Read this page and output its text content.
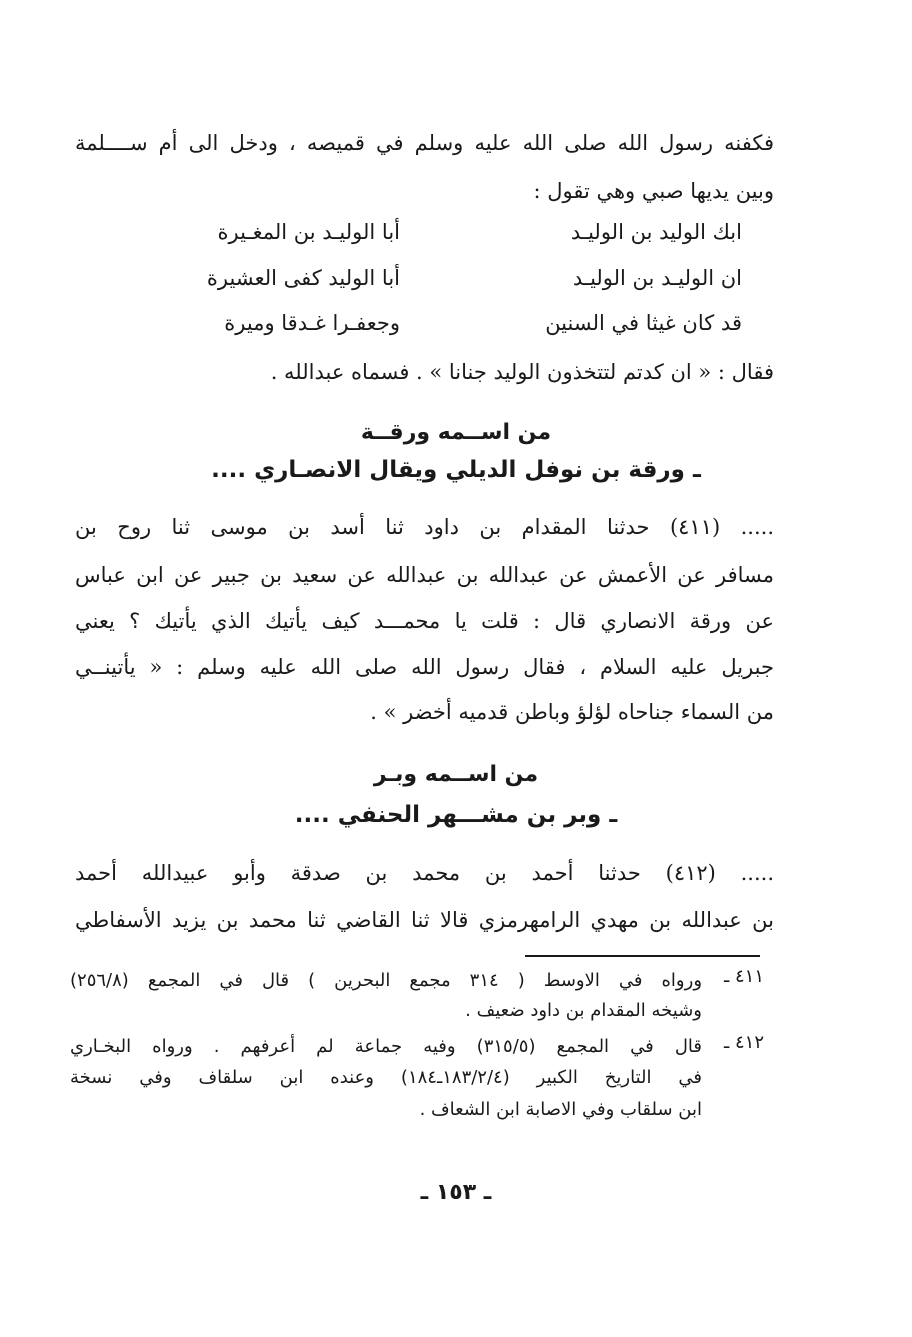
فكفنه رسول الله صلى الله عليه وسلم في قميصه ، ودخل الى أم ســــلمة
وبين يديها صبي وهي تقول :
ابك الوليد بن الوليـد
أبا الوليـد بن المغـيرة
ان الوليـد بن الوليـد
أبا الوليد كفى العشيرة
قد كان غيثا في السنين
وجعفـرا غـدقا وميرة
فقال : « ان كدتم لتتخذون الوليد جنانا » . فسماه عبدالله .
من اســمه ورقــة
ـ ورقة بن نوفل الديلي ويقال الانصـاري ....
..... (٤١١) حدثنا المقدام بن داود ثنا أسد بن موسى ثنا روح بن
مسافر عن الأعمش عن عبدالله بن عبدالله عن سعيد بن جبير عن ابن عباس
عن ورقة الانصاري قال : قلت يا محمـــد كيف يأتيك الذي يأتيك ؟ يعني
جبريل عليه السلام ، فقال رسول الله صلى الله عليه وسلم : « يأتينــي
من السماء جناحاه لؤلؤ وباطن قدميه أخضر » .
من اســمه وبـر
ـ وبر بن مشـــهر الحنفي ....
..... (٤١٢) حدثنا أحمد بن محمد بن صدقة وأبو عبيدالله أحمد
بن عبدالله بن مهدي الرامهرمزي قالا ثنا القاضي ثنا محمد بن يزيد الأسفاطي
٤١١ ـ
ورواه في الاوسط ( ٣١٤ مجمع البحرين ) قال في المجمع (٢٥٦/٨)
وشيخه المقدام بن داود ضعيف .
٤١٢ ـ
قال في المجمع (٣١٥/٥) وفيه جماعة لم أعرفهم . ورواه البخـاري
في التاريخ الكبير (١٨٣/٢/٤ـ١٨٤) وعنده ابن سلقاف وفي نسخة
ابن سلقاب وفي الاصابة ابن الشعاف .
ـ ١٥٣ ـ
